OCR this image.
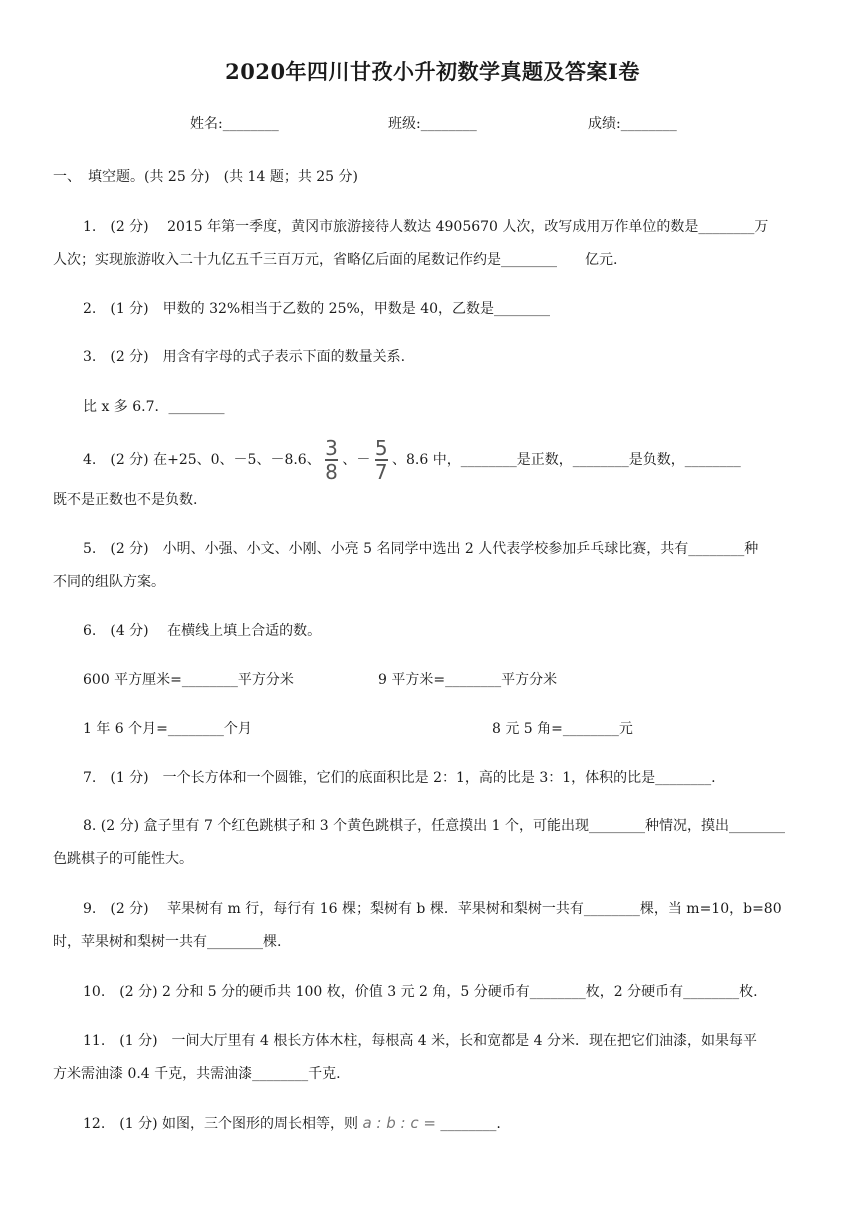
2020年四川甘孜小升初数学真题及答案Ⅰ卷
姓名:________	班级:________	成绩:________
一、　填空题。(共 25 分)　(共 14 题；共 25 分)
1.　(2 分)　 2015 年第一季度，黄冈市旅游接待人数达 4905670 人次，改写成用万作单位的数是________万
人次；实现旅游收入二十九亿五千三百万元，省略亿后面的尾数记作约是________　　亿元.
2.　(1 分)　甲数的 32%相当于乙数的 25%，甲数是 40，乙数是________
3.　(2 分)　用含有字母的式子表示下面的数量关系.
比 x 多 6.7．________
4.　(2 分) 在+25、0、－5、－8.6、 $\frac{3}{8}$ 、－ $\frac{5}{7}$ 、8.6 中，________是正数，________是负数，________
既不是正数也不是负数.
5.　(2 分)　小明、小强、小文、小刚、小亮 5 名同学中选出 2 人代表学校参加乒乓球比赛，共有________种
不同的组队方案。
6.　(4 分)　 在横线上填上合适的数。
600 平方厘米=________平方分米	9 平方米=________平方分米
1 年 6 个月=________个月	8 元 5 角=________元
7.　(1 分)　一个长方体和一个圆锥，它们的底面积比是 2：1，高的比是 3：1，体积的比是________.
8. (2 分) 盒子里有 7 个红色跳棋子和 3 个黄色跳棋子，任意摸出 1 个，可能出现________种情况，摸出________
色跳棋子的可能性大。
9.　(2 分)　 苹果树有 m 行，每行有 16 棵；梨树有 b 棵．苹果树和梨树一共有________棵，当 m=10，b=80
时，苹果树和梨树一共有________棵.
10.　(2 分) 2 分和 5 分的硬币共 100 枚，价值 3 元 2 角，5 分硬币有________枚，2 分硬币有________枚.
11.　(1 分)　一间大厅里有 4 根长方体木柱，每根高 4 米，长和宽都是 4 分米．现在把它们油漆，如果每平
方米需油漆 0.4 千克，共需油漆________千克.
12.　(1 分) 如图，三个图形的周长相等，则 a : b : c = ________.
